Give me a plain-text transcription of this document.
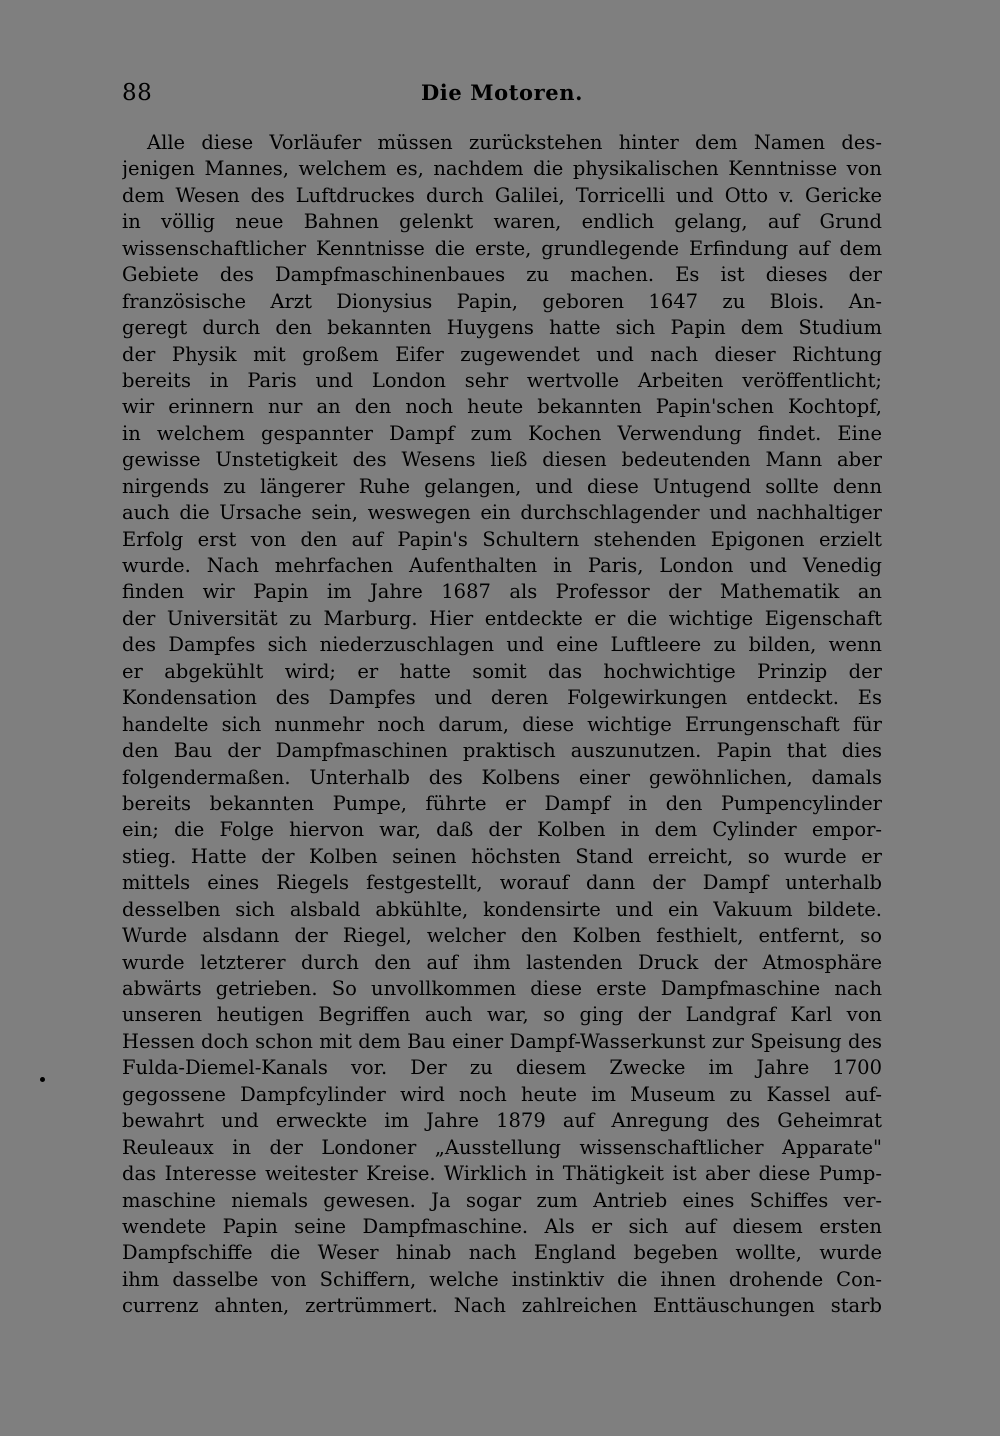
88	Die Motoren.
Alle diese Vorläufer müssen zurückstehen hinter dem Namen des-
jenigen Mannes, welchem es, nachdem die physikalischen Kenntnisse von
dem Wesen des Luftdruckes durch Galilei, Torricelli und Otto v. Gericke
in völlig neue Bahnen gelenkt waren, endlich gelang, auf Grund
wissenschaftlicher Kenntnisse die erste, grundlegende Erfindung auf dem
Gebiete des Dampfmaschinenbaues zu machen. Es ist dieses der
französische Arzt Dionysius Papin, geboren 1647 zu Blois. An-
geregt durch den bekannten Huygens hatte sich Papin dem Studium
der Physik mit großem Eifer zugewendet und nach dieser Richtung
bereits in Paris und London sehr wertvolle Arbeiten veröffentlicht;
wir erinnern nur an den noch heute bekannten Papin'schen Kochtopf,
in welchem gespannter Dampf zum Kochen Verwendung findet. Eine
gewisse Unstetigkeit des Wesens ließ diesen bedeutenden Mann aber
nirgends zu längerer Ruhe gelangen, und diese Untugend sollte denn
auch die Ursache sein, weswegen ein durchschlagender und nachhaltiger
Erfolg erst von den auf Papin's Schultern stehenden Epigonen erzielt
wurde. Nach mehrfachen Aufenthalten in Paris, London und Venedig
finden wir Papin im Jahre 1687 als Professor der Mathematik an
der Universität zu Marburg. Hier entdeckte er die wichtige Eigenschaft
des Dampfes sich niederzuschlagen und eine Luftleere zu bilden, wenn
er abgekühlt wird; er hatte somit das hochwichtige Prinzip der
Kondensation des Dampfes und deren Folgewirkungen entdeckt. Es
handelte sich nunmehr noch darum, diese wichtige Errungenschaft für
den Bau der Dampfmaschinen praktisch auszunutzen. Papin that dies
folgendermaßen. Unterhalb des Kolbens einer gewöhnlichen, damals
bereits bekannten Pumpe, führte er Dampf in den Pumpencylinder
ein; die Folge hiervon war, daß der Kolben in dem Cylinder empor-
stieg. Hatte der Kolben seinen höchsten Stand erreicht, so wurde er
mittels eines Riegels festgestellt, worauf dann der Dampf unterhalb
desselben sich alsbald abkühlte, kondensirte und ein Vakuum bildete.
Wurde alsdann der Riegel, welcher den Kolben festhielt, entfernt, so
wurde letzterer durch den auf ihm lastenden Druck der Atmosphäre
abwärts getrieben. So unvollkommen diese erste Dampfmaschine nach
unseren heutigen Begriffen auch war, so ging der Landgraf Karl von
Hessen doch schon mit dem Bau einer Dampf-Wasserkunst zur Speisung des
Fulda-Diemel-Kanals vor. Der zu diesem Zwecke im Jahre 1700
gegossene Dampfcylinder wird noch heute im Museum zu Kassel auf-
bewahrt und erweckte im Jahre 1879 auf Anregung des Geheimrat
Reuleaux in der Londoner „Ausstellung wissenschaftlicher Apparate"
das Interesse weitester Kreise. Wirklich in Thätigkeit ist aber diese Pump-
maschine niemals gewesen. Ja sogar zum Antrieb eines Schiffes ver-
wendete Papin seine Dampfmaschine. Als er sich auf diesem ersten
Dampfschiffe die Weser hinab nach England begeben wollte, wurde
ihm dasselbe von Schiffern, welche instinktiv die ihnen drohende Con-
currenz ahnten, zertrümmert. Nach zahlreichen Enttäuschungen starb
